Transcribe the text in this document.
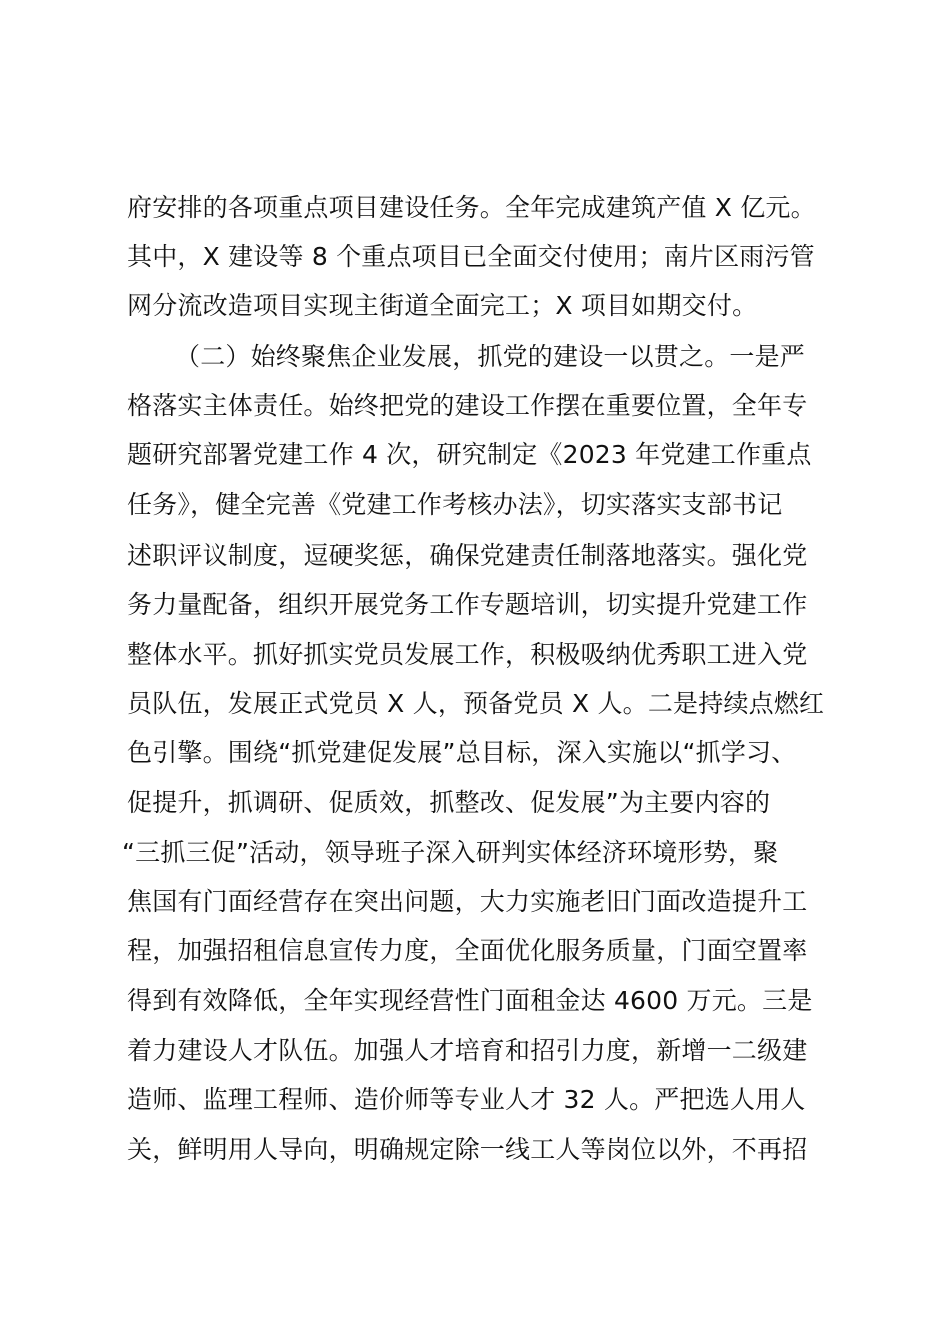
府安排的各项重点项目建设任务。全年完成建筑产值 X 亿元。
其中，X 建设等 8 个重点项目已全面交付使用；南片区雨污管
网分流改造项目实现主街道全面完工；X 项目如期交付。
（二）始终聚焦企业发展，抓党的建设一以贯之。一是严
格落实主体责任。始终把党的建设工作摆在重要位置，全年专
题研究部署党建工作 4 次，研究制定《2023 年党建工作重点
任务》，健全完善《党建工作考核办法》，切实落实支部书记
述职评议制度，逗硬奖惩，确保党建责任制落地落实。强化党
务力量配备，组织开展党务工作专题培训，切实提升党建工作
整体水平。抓好抓实党员发展工作，积极吸纳优秀职工进入党
员队伍，发展正式党员 X 人，预备党员 X 人。二是持续点燃红
色引擎。围绕“抓党建促发展”总目标，深入实施以“抓学习、
促提升，抓调研、促质效，抓整改、促发展”为主要内容的
“三抓三促”活动，领导班子深入研判实体经济环境形势，聚
焦国有门面经营存在突出问题，大力实施老旧门面改造提升工
程，加强招租信息宣传力度，全面优化服务质量，门面空置率
得到有效降低，全年实现经营性门面租金达 4600 万元。三是
着力建设人才队伍。加强人才培育和招引力度，新增一二级建
造师、监理工程师、造价师等专业人才 32 人。严把选人用人
关，鲜明用人导向，明确规定除一线工人等岗位以外，不再招
